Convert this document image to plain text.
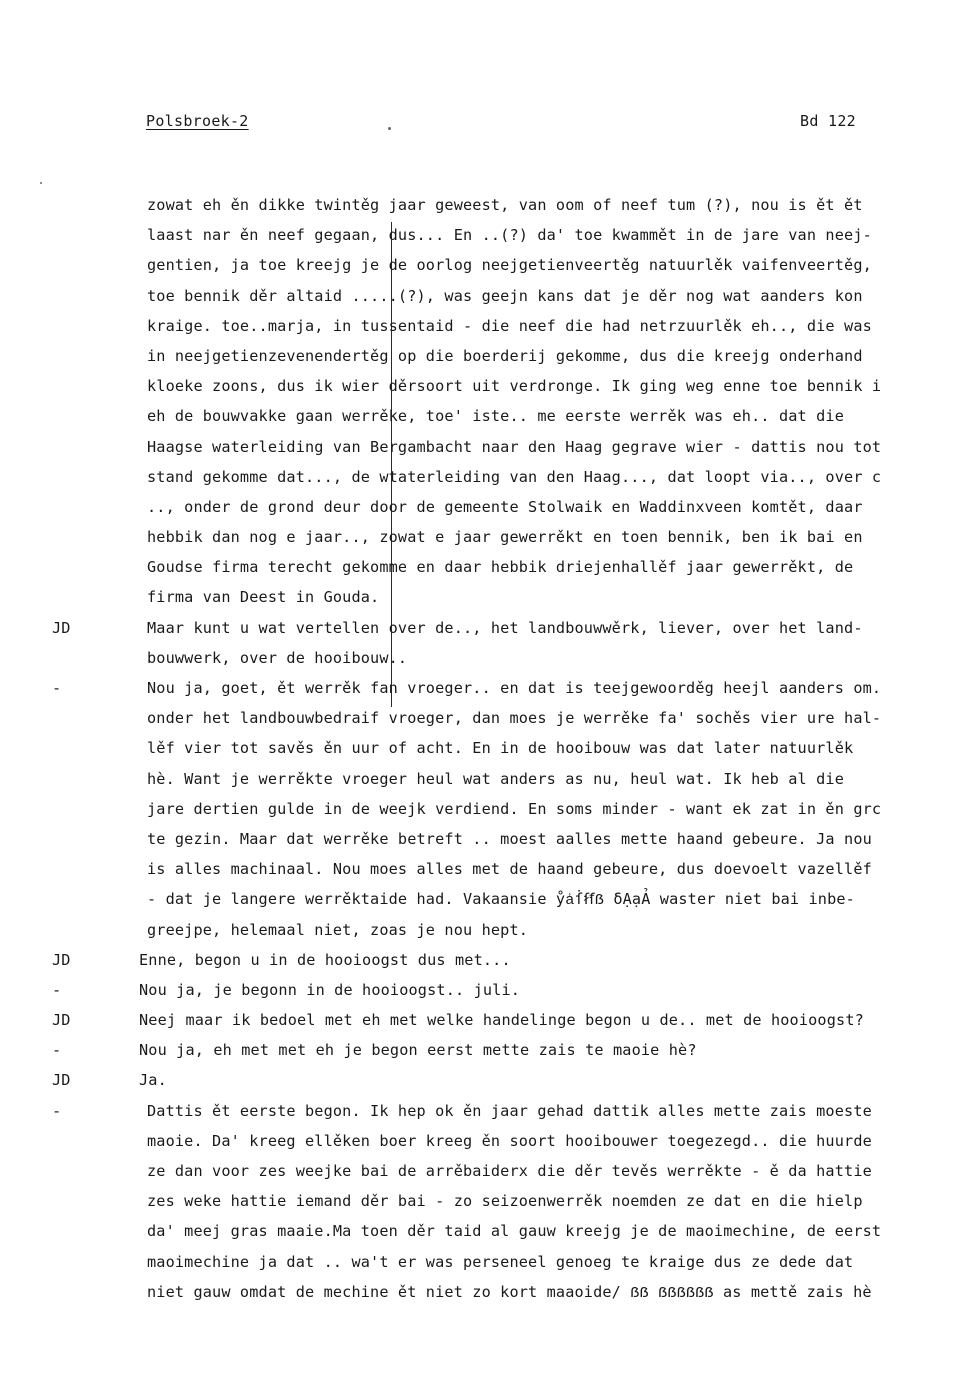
Polsbroek-2	Bd 122
zowat eh ěn dikke twintěg jaar geweest, van oom of neef tum (?), nou is ět ět
laast nar ěn neef gegaan, dus... En ..(?) da' toe kwammět in de jare van neej-
gentien, ja toe kreejg je de oorlog neejgetienveertěg natuurlěk vaifenveertěg,
toe bennik děr altaid .....(?), was geejn kans dat je děr nog wat aanders kon
kraige. toe..marja, in tussentaid - die neef die had netrzuurlěk eh.., die was
in neejgetienzevenendertěg op die boerderij gekomme, dus die kreejg onderhand
kloeke zoons, dus ik wier děrsoort uit verdronge. Ik ging weg enne toe bennik i
eh de bouwvakke gaan werrěke, toe' iste.. me eerste werrěk was eh.. dat die
Haagse waterleiding van Bergambacht naar den Haag gegrave wier - dattis nou tot
stand gekomme dat..., de wtaterleiding van den Haag..., dat loopt via.., over c
.., onder de grond deur door de gemeente Stolwaik en Waddinxveen komtět, daar
hebbik dan nog e jaar.., zowat e jaar gewerrěkt en toen bennik, ben ik bai en
Goudse firma terecht gekomme en daar hebbik driejenhallěf jaar gewerrěkt, de
firma van Deest in Gouda.
JD	Maar kunt u wat vertellen over de.., het landbouwwěrk, liever, over het land-
bouwwerk, over de hooibouw..
-	Nou ja, goet, ět werrěk fan vroeger.. en dat is teejgewoorděg heejl aanders om.
onder het landbouwbedraif vroeger, dan moes je werrěke fa' sochěs vier ure hal-
lěf vier tot savěs ěn uur of acht. En in de hooibouw was dat later natuurlěk
hè. Want je werrěkte vroeger heul wat anders as nu, heul wat. Ik heb al die
jare dertien gulde in de weejk verdiend. En soms minder - want ek zat in ěn grc
te gezin. Maar dat werrěke betreft .. moest aalles mette haand gebeure. Ja nou
is alles machinaal. Nou moes alles met de haand gebeure, dus doevoelt vazellěf
- dat je langere werrěktaide had. Vakaansie ẙẚẛẜẝẞ ẟẠạẢ waster niet bai inbe-
greejpe, helemaal niet, zoas je nou hept.
JD	Enne, begon u in de hooioogst dus met...
-	Nou ja, je begonn in de hooioogst.. juli.
JD	Neej maar ik bedoel met eh met welke handelinge begon u de.. met de hooioogst?
-	Nou ja, eh met met eh je begon eerst mette zais te maoie hè?
JD	Ja.
-	Dattis ět eerste begon. Ik hep ok ěn jaar gehad dattik alles mette zais moeste
maoie. Da' kreeg ellěken boer kreeg ěn soort hooibouwer toegezegd.. die huurde
ze dan voor zes weejke bai de arrěbaiderx die děr tevěs werrěkte - ě da hattie
zes weke hattie iemand děr bai - zo seizoenwerrěk noemden ze dat en die hielp
da' meej gras maaie.Ma toen děr taid al gauw kreejg je de maoimechine, de eerst
maoimechine ja dat .. wa't er was perseneel genoeg te kraige dus ze dede dat
niet gauw omdat de mechine ět niet zo kort maaoide/ ẞẞ ẞẞẞẞẞẞ as mettě zais hè
